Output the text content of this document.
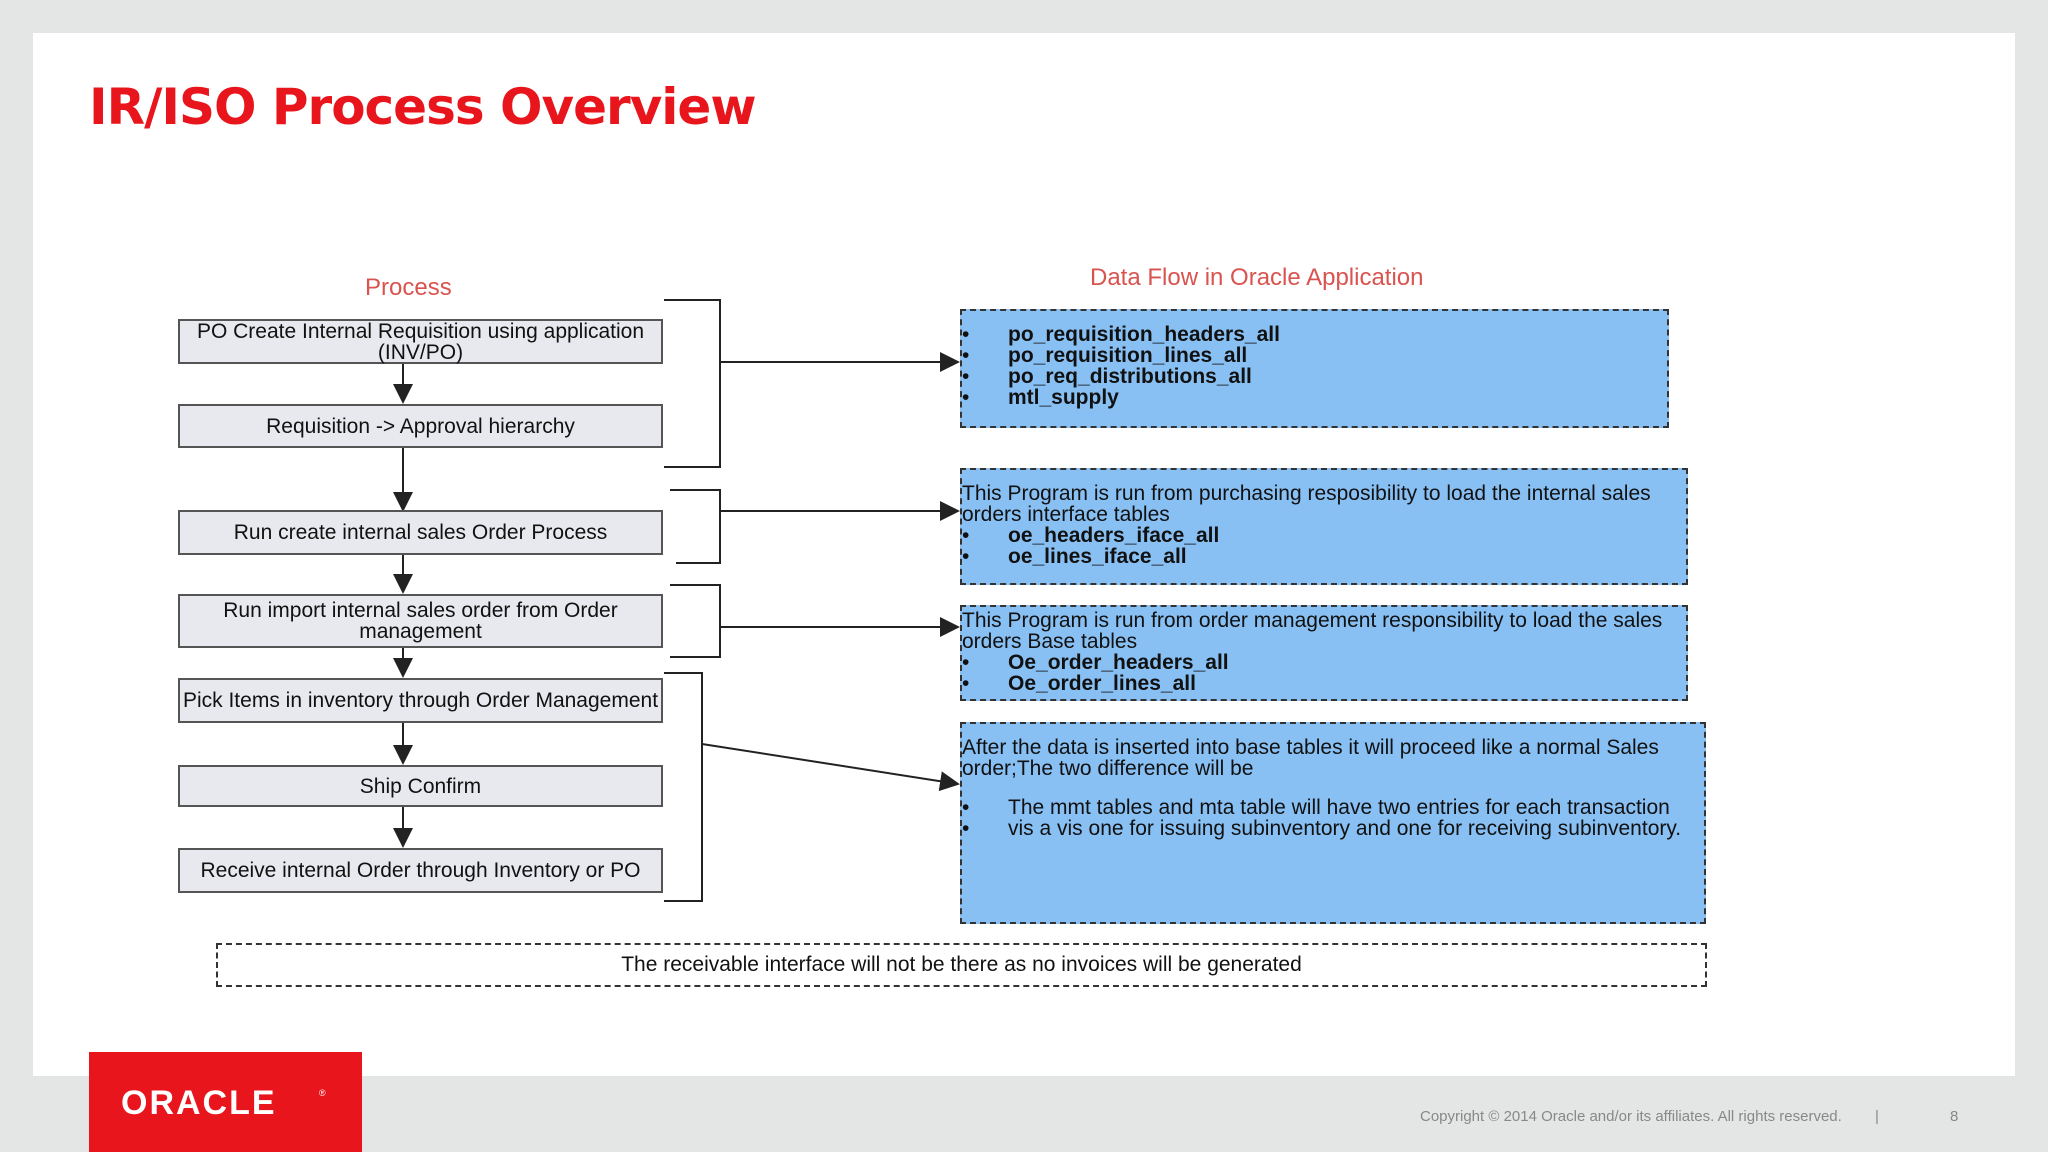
IR/ISO Process Overview
Process	Data Flow in Oracle Application
PO Create Internal Requisition using application (INV/PO)
Requisition -> Approval hierarchy
Run create internal sales Order Process
Run import internal sales order from Order management
Pick Items in inventory through Order Management
Ship Confirm
Receive internal Order through Inventory or PO
• po_requisition_headers_all
• po_requisition_lines_all
• po_req_distributions_all
• mtl_supply
This Program is run from purchasing resposibility to load the internal sales orders interface tables
• oe_headers_iface_all
• oe_lines_iface_all
This Program is run from order management responsibility to load the sales orders Base tables
• Oe_order_headers_all
• Oe_order_lines_all
After the data is inserted into base tables it will proceed like a normal Sales order;The two difference will be
• The mmt tables and mta table will have two entries for each transaction
• vis a vis one for issuing subinventory and one for receiving subinventory.
The receivable interface will not be there as no invoices will be generated
ORACLE	®
Copyright © 2014 Oracle and/or its affiliates. All rights reserved. |	8
